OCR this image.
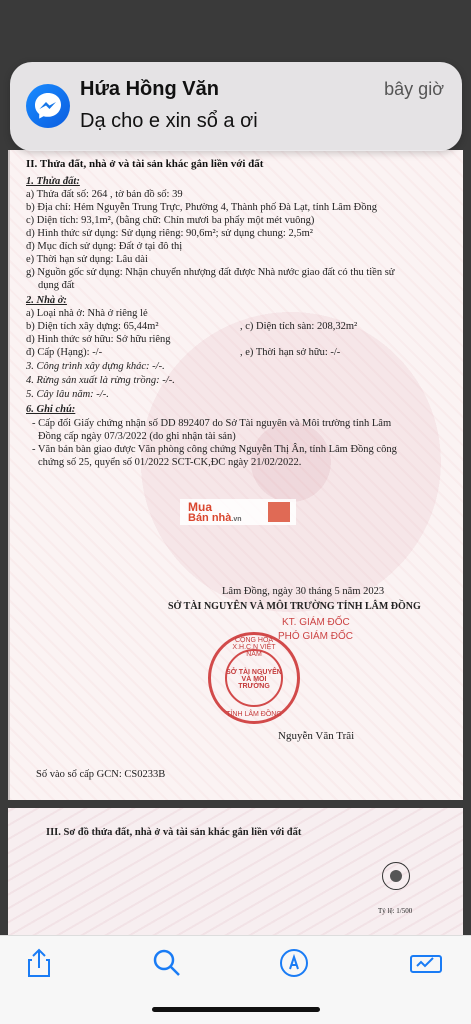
II. Thửa đất, nhà ở và tài sản khác gắn liền với đất
1. Thửa đất:
a) Thửa đất số: 264 , tờ bản đồ số: 39
b) Địa chỉ: Hẻm Nguyễn Trung Trực, Phường 4, Thành phố Đà Lạt, tỉnh Lâm Đồng
c) Diện tích: 93,1m², (bằng chữ: Chín mươi ba phẩy một mét vuông)
d) Hình thức sử dụng: Sử dụng riêng: 90,6m²; sử dụng chung: 2,5m²
đ) Mục đích sử dụng: Đất ở tại đô thị
e) Thời hạn sử dụng: Lâu dài
g) Nguồn gốc sử dụng: Nhận chuyển nhượng đất được Nhà nước giao đất có thu tiền sử
dụng đất
2. Nhà ở:
a) Loại nhà ở: Nhà ở riêng lẻ
b) Diện tích xây dựng: 65,44m²	, c) Diện tích sàn: 208,32m²
d) Hình thức sở hữu: Sở hữu riêng
đ) Cấp (Hạng): -/-	, e) Thời hạn sở hữu: -/-
3. Công trình xây dựng khác: -/-.
4. Rừng sản xuất là rừng trồng: -/-.
5. Cây lâu năm: -/-.
6. Ghi chú:
- Cấp đổi Giấy chứng nhận số DD 892407 do Sở Tài nguyên và Môi trường tỉnh Lâm
Đồng cấp ngày 07/3/2022 (do ghi nhận tài sản)
- Văn bản bàn giao được Văn phòng công chứng Nguyễn Thị Ân, tỉnh Lâm Đồng công
chứng số 25, quyển số 01/2022 SCT-CK,ĐC ngày 21/02/2022.
Mua
Bán nhà.vn
Lâm Đồng, ngày 30 tháng 5 năm 2023
SỞ TÀI NGUYÊN VÀ MÔI TRƯỜNG TỈNH LÂM ĐỒNG
KT. GIÁM ĐỐC
PHÓ GIÁM ĐỐC
CỘNG HÒA X.H.C.N VIỆT NAM
SỞ TÀI NGUYÊN VÀ MÔI TRƯỜNG
TỈNH LÂM ĐỒNG
Nguyễn Văn Trãi
Số vào sổ cấp GCN: CS0233B
III. Sơ đồ thửa đất, nhà ở và tài sản khác gắn liền với đất
Tỷ lệ: 1/500
Hứa Hồng Văn	bây giờ
Dạ cho e xin sổ a ơi
